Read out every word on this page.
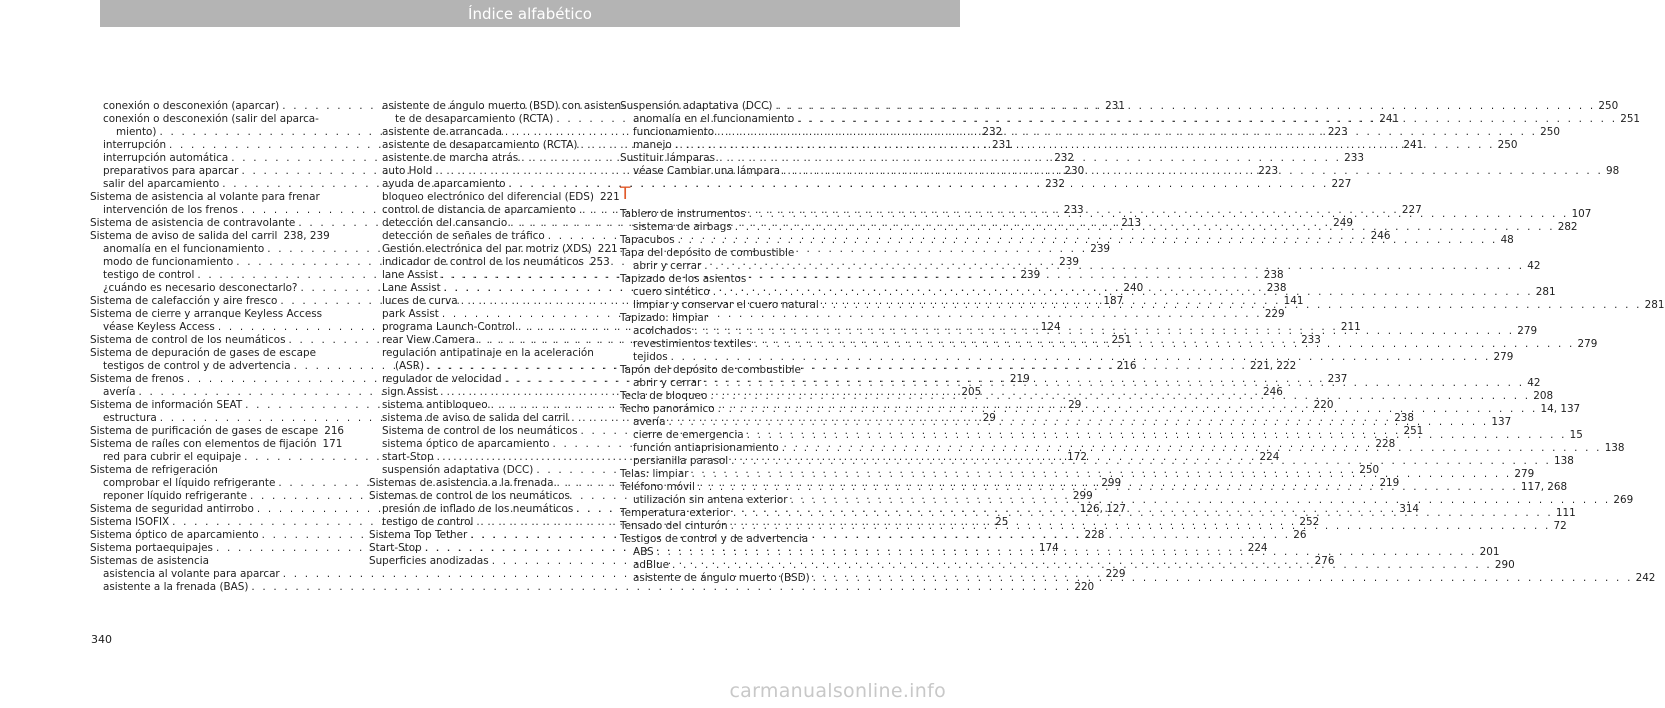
Índice alfabético
conexión o desconexión (aparcar) . . .	231
conexión o desconexión (salir del aparca-
miento) . . .	232
interrupción . . .	231
interrupción automática . . .	232
preparativos para aparcar . . .	230
salir del aparcamiento . . .	232
Sistema de asistencia al volante para frenar
intervención de los frenos . . .	233
Sistema de asistencia de contravolante . . .	213
Sistema de aviso de salida del carril 238, 239
anomalía en el funcionamiento . . .	239
modo de funcionamiento . . .	239
testigo de control . . .	239
¿cuándo es necesario desconectarlo? . . .	240
Sistema de calefacción y aire fresco . . .	187
Sistema de cierre y arranque Keyless Access
véase Keyless Access . . .	124
Sistema de control de los neumáticos . . .	251
Sistema de depuración de gases de escape
testigos de control y de advertencia . . .	216
Sistema de frenos . . .	219
avería . . .	205
Sistema de información SEAT . . .	29
estructura . . .	29
Sistema de purificación de gases de escape 216
Sistema de raíles con elementos de fijación 171
red para cubrir el equipaje . . .	172
Sistema de refrigeración
comprobar el líquido refrigerante . . .	299
reponer líquido refrigerante . . .	299
Sistema de seguridad antirrobo . . .	126, 127
Sistema ISOFIX . . .	25
Sistema óptico de aparcamiento . . .	228
Sistema portaequipajes . . .	174
Sistemas de asistencia
asistencia al volante para aparcar . . .	229
asistente a la frenada (BAS) . . .	220
asistente de ángulo muerto (BSD) con asisten-
te de desaparcamiento (RCTA) . . .	241
asistente de arrancada . . .	223
asistente de desaparcamiento (RCTA) . . .	241
asistente de marcha atrás . . .	233
auto Hold . . .	223
ayuda de aparcamiento . . .	227
bloqueo electrónico del diferencial (EDS) 221
control de distancia de aparcamiento . . .	227
detección del cansancio . . .	249
detección de señales de tráfico . . .	246
Gestión electrónica del par motriz (XDS) 221
indicador de control de los neumáticos 253
lane Assist . . .	238
Lane Assist . . .	238
luces de curva . . .	141
park Assist . . .	229
programa Launch-Control . . .	211
rear View Camera . . .	233
regulación antipatinaje en la aceleración
(ASR) . . .	221, 222
regulador de velocidad . . .	237
sign Assist . . .	246
sistema antibloqueo . . .	220
sistema de aviso de salida del carril . . .	238
Sistema de control de los neumáticos . . .	251
sistema óptico de aparcamiento . . .	228
start-Stop . . .	224
suspensión adaptativa (DCC) . . .	250
Sistemas de asistencia a la frenada . . .	219
Sistemas de control de los neumáticos
presión de inflado de los neumáticos . . .	314
testigo de control . . .	252
Sistema Top Tether . . .	26
Start-Stop . . .	224
Superficies anodizadas . . .	276
Suspensión adaptativa (DCC) . . .	250
anomalía en el funcionamiento . . .	251
funcionamiento . . .	250
manejo . . .	250
Sustituir lámparas
véase Cambiar una lámpara . . .	98
T
Tablero de instrumentos . . .	107
sistema de airbags . . .	282
Tapacubos . . .	48
Tapa del depósito de combustible
abrir y cerrar . . .	42
Tapizado de los asientos
cuero sintético . . .	281
limpiar y conservar el cuero natural . . .	281
Tapizado: limpiar
acolchados . . .	279
revestimientos textiles . . .	279
tejidos . . .	279
Tapón del depósito de combustible
abrir y cerrar . . .	42
Tecla de bloqueo . . .	208
Techo panorámico . . .	14, 137
avería . . .	137
cierre de emergencia . . .	15
función antiaprisionamiento . . .	138
persianilla parasol . . .	138
Telas: limpiar . . .	279
Teléfono móvil . . .	117, 268
utilización sin antena exterior . . .	269
Temperatura exterior . . .	111
Tensado del cinturón . . .	72
Testigos de control y de advertencia
ABS . . .	201
adBlue . . .	290
asistente de ángulo muerto (BSD) . . .	242
340
carmanualsonline.info
